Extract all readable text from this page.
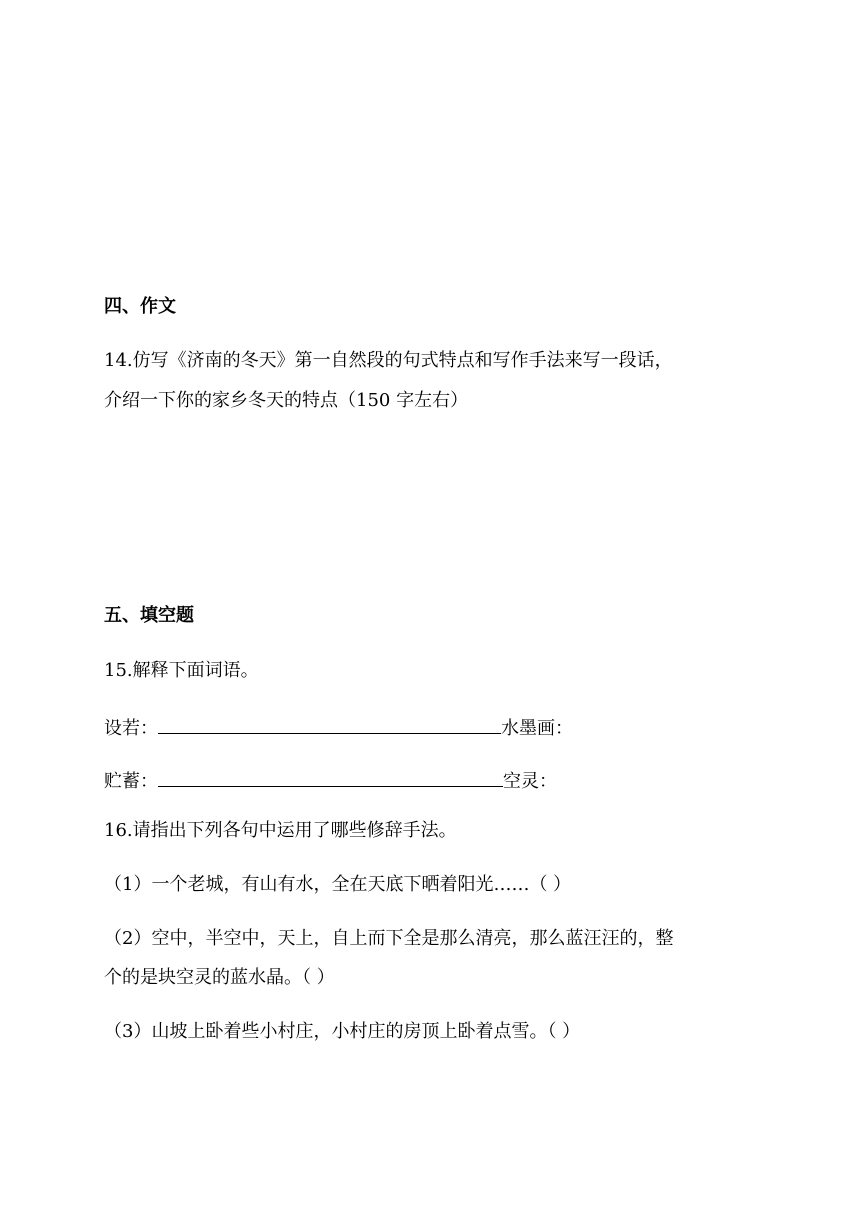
四、作文
14.仿写《济南的冬天》第一自然段的句式特点和写作手法来写一段话，
介绍一下你的家乡冬天的特点（150 字左右）
五、填空题
15.解释下面词语。
设若：	水墨画：
贮蓄：	空灵：
16.请指出下列各句中运用了哪些修辞手法。
（1）一个老城，有山有水，全在天底下晒着阳光……（ ）
（2）空中，半空中，天上，自上而下全是那么清亮，那么蓝汪汪的，整
个的是块空灵的蓝水晶。（ ）
（3）山坡上卧着些小村庄，小村庄的房顶上卧着点雪。（ ）
